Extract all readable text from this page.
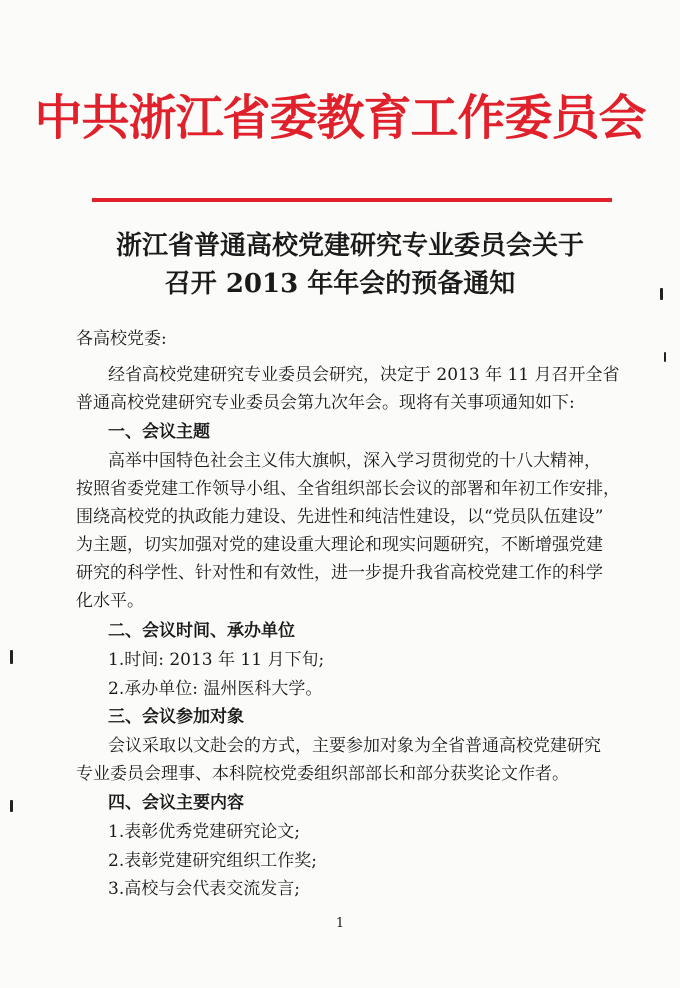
中共浙江省委教育工作委员会
浙江省普通高校党建研究专业委员会关于
召开 2013 年年会的预备通知
各高校党委:
经省高校党建研究专业委员会研究，决定于 2013 年 11 月召开全省
普通高校党建研究专业委员会第九次年会。现将有关事项通知如下:
一、会议主题
高举中国特色社会主义伟大旗帜，深入学习贯彻党的十八大精神，
按照省委党建工作领导小组、全省组织部长会议的部署和年初工作安排，
围绕高校党的执政能力建设、先进性和纯洁性建设，以“党员队伍建设”
为主题，切实加强对党的建设重大理论和现实问题研究，不断增强党建
研究的科学性、针对性和有效性，进一步提升我省高校党建工作的科学
化水平。
二、会议时间、承办单位
1.时间: 2013 年 11 月下旬;
2.承办单位: 温州医科大学。
三、会议参加对象
会议采取以文赴会的方式，主要参加对象为全省普通高校党建研究
专业委员会理事、本科院校党委组织部部长和部分获奖论文作者。
四、会议主要内容
1.表彰优秀党建研究论文;
2.表彰党建研究组织工作奖;
3.高校与会代表交流发言;
1
